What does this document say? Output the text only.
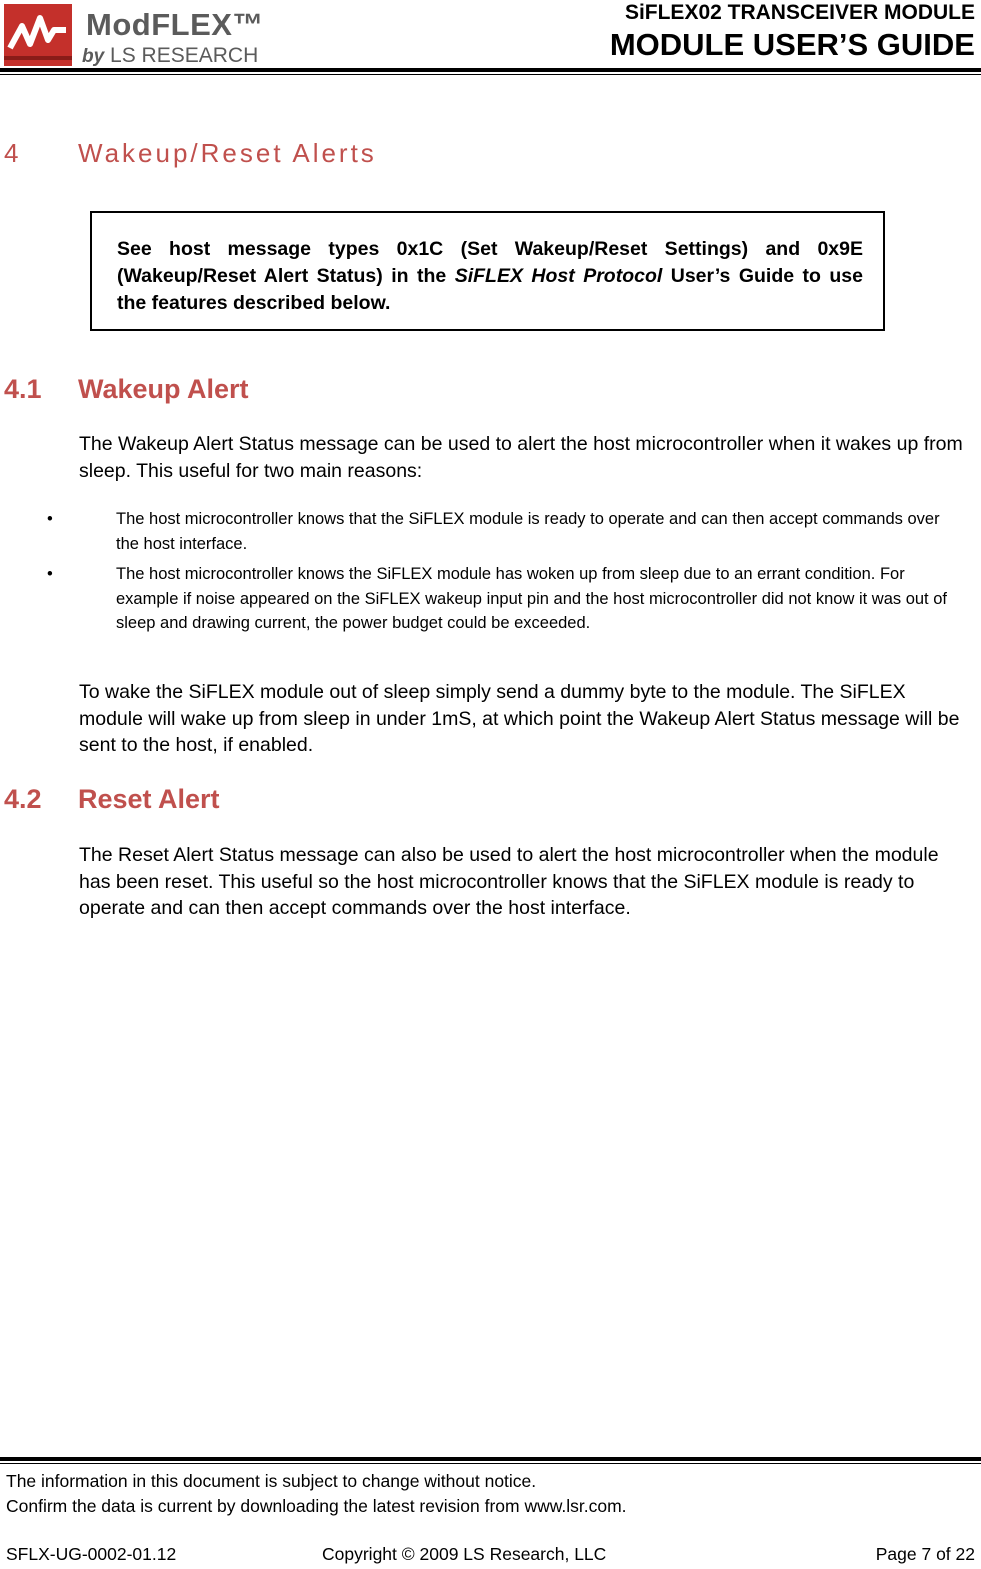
ModFLEX™
by LS RESEARCH
SiFLEX02 TRANSCEIVER MODULE
MODULE USER’S GUIDE
4 Wakeup/Reset Alerts

See host message types 0x1C (Set Wakeup/Reset Settings) and 0x9E (Wakeup/Reset Alert Status) in the SiFLEX Host Protocol User’s Guide to use the features described below.

4.1 Wakeup Alert

The Wakeup Alert Status message can be used to alert the host microcontroller when it wakes up from sleep. This useful for two main reasons:

•	The host microcontroller knows that the SiFLEX module is ready to operate and can then accept commands over the host interface.

•	The host microcontroller knows the SiFLEX module has woken up from sleep due to an errant condition. For example if noise appeared on the SiFLEX wakeup input pin and the host microcontroller did not know it was out of sleep and drawing current, the power budget could be exceeded.

To wake the SiFLEX module out of sleep simply send a dummy byte to the module. The SiFLEX module will wake up from sleep in under 1mS, at which point the Wakeup Alert Status message will be sent to the host, if enabled.

4.2 Reset Alert

The Reset Alert Status message can also be used to alert the host microcontroller when the module has been reset. This useful so the host microcontroller knows that the SiFLEX module is ready to operate and can then accept commands over the host interface.

The information in this document is subject to change without notice.
Confirm the data is current by downloading the latest revision from www.lsr.com.
SFLX-UG-0002-01.12	Copyright © 2009 LS Research, LLC	Page 7 of 22
